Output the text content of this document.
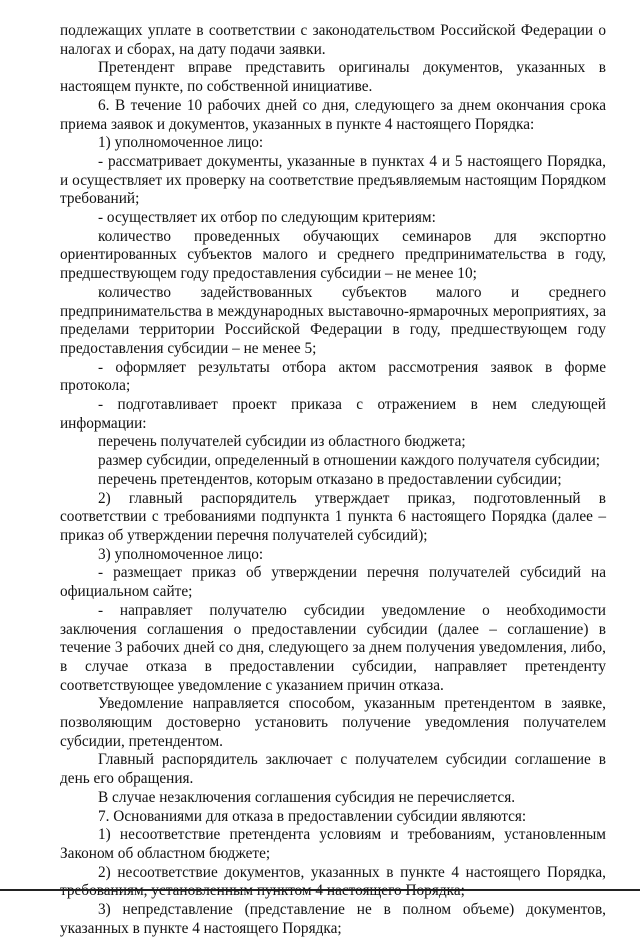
подлежащих уплате в соответствии с законодательством Российской Федерации о налогах и сборах, на дату подачи заявки.

Претендент вправе представить оригиналы документов, указанных в настоящем пункте, по собственной инициативе.

6. В течение 10 рабочих дней со дня, следующего за днем окончания срока приема заявок и документов, указанных в пункте 4 настоящего Порядка:

1) уполномоченное лицо:

- рассматривает документы, указанные в пунктах 4 и 5 настоящего Порядка, и осуществляет их проверку на соответствие предъявляемым настоящим Порядком требований;

- осуществляет их отбор по следующим критериям:

количество проведенных обучающих семинаров для экспортно ориентированных субъектов малого и среднего предпринимательства в году, предшествующем году предоставления субсидии – не менее 10;

количество задействованных субъектов малого и среднего предпринимательства в международных выставочно-ярмарочных мероприятиях, за пределами территории Российской Федерации в году, предшествующем году предоставления субсидии – не менее 5;

- оформляет результаты отбора актом рассмотрения заявок в форме протокола;

- подготавливает проект приказа с отражением в нем следующей информации:

перечень получателей субсидии из областного бюджета;

размер субсидии, определенный в отношении каждого получателя субсидии;

перечень претендентов, которым отказано в предоставлении субсидии;

2) главный распорядитель утверждает приказ, подготовленный в соответствии с требованиями подпункта 1 пункта 6 настоящего Порядка (далее – приказ об утверждении перечня получателей субсидий);

3) уполномоченное лицо:

- размещает приказ об утверждении перечня получателей субсидий на официальном сайте;

- направляет получателю субсидии уведомление о необходимости заключения соглашения о предоставлении субсидии (далее – соглашение) в течение 3 рабочих дней со дня, следующего за днем получения уведомления, либо, в случае отказа в предоставлении субсидии, направляет претенденту соответствующее уведомление с указанием причин отказа.

Уведомление направляется способом, указанным претендентом в заявке, позволяющим достоверно установить получение уведомления получателем субсидии, претендентом.

Главный распорядитель заключает с получателем субсидии соглашение в день его обращения.

В случае незаключения соглашения субсидия не перечисляется.

7. Основаниями для отказа в предоставлении субсидии являются:

1) несоответствие претендента условиям и требованиям, установленным Законом об областном бюджете;

2) несоответствие документов, указанных в пункте 4 настоящего Порядка,

3) непредставление (представление не в полном объеме) документов, указанных в пункте 4 настоящего Порядка;
